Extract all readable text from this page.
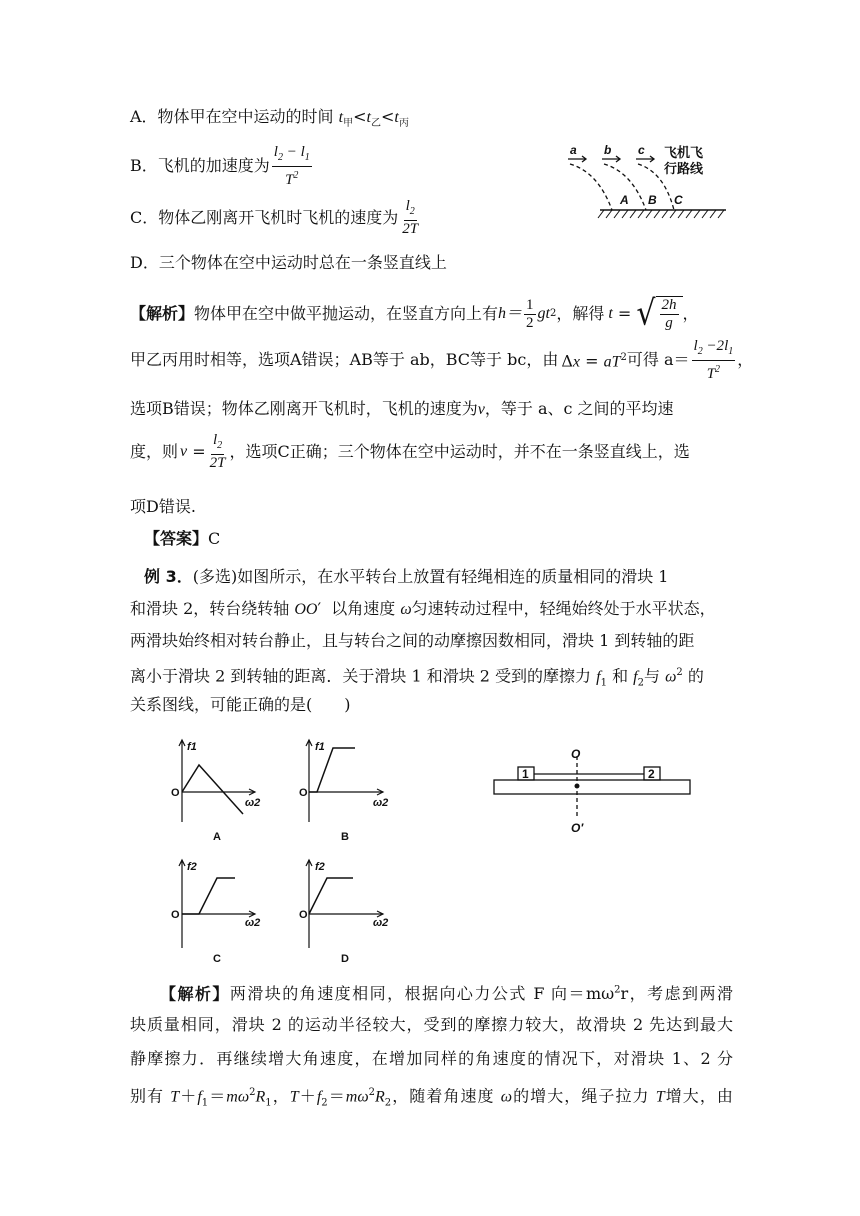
A．物体甲在空中运动的时间 $t_甲<t_乙<t_丙$
B．飞机的加速度为 $\frac{l_2 - l_1}{T^2}$
C．物体乙刚离开飞机时飞机的速度为 $\frac{l_2}{2T}$
D．三个物体在空中运动时总在一条竖直线上
a b c
A B C
飞机飞
行路线
【解析】 物体甲在空中做平抛运动，在竖直方向上有 $h= \frac{1}{2}$ gt 2 ，解得 t = √ $\frac{2h}{g}$ ，
甲乙丙用时相等，选项A错误； AB等于 ab，BC等于 bc，由 $\Delta x = aT^2$ 可得 $a= \frac{l_2 -2l_1}{T^2}$ ，
选项B错误；物体乙刚离开飞机时，飞机的速度为v，等于 a、c 之间的平均速
度，则 $v = \frac{l_2}{2T}$ ，选项C正确；三个物体在空中运动时，并不在一条竖直线上，选
项D错误.
【答案】C
例 3．(多选)如图所示，在水平转台上放置有轻绳相连的质量相同的滑块 1
和滑块 2，转台绕转轴 OO′  以角速度 ω匀速转动过程中，轻绳始终处于水平状态，
两滑块始终相对转台静止，且与转台之间的动摩擦因数相同，滑块 1 到转轴的距
离小于滑块 2 到转轴的距离．关于滑块 1 和滑块 2 受到的摩擦力 $f_1$ 和 $f_2$与 $\omega^2$ 的
关系图线，可能正确的是(　　)
f1
O
ω2
A
f1
O
ω2
B
f2
O
ω2
C
f2
O
ω2
D
O
O′
1	2
【解析】两滑块的角速度相同，根据向心力公式 F 向$=m\omega^2r$，考虑到两滑
块质量相同，滑块 2 的运动半径较大，受到的摩擦力较大，故滑块 2 先达到最大
静摩擦力．再继续增大角速度，在增加同样的角速度的情况下，对滑块 1、2 分
别有 $T+f_1=m\omega^2R_1$，$T+f_2=m\omega^2R_2$，随着角速度 ω的增大，绳子拉力 T增大，由
